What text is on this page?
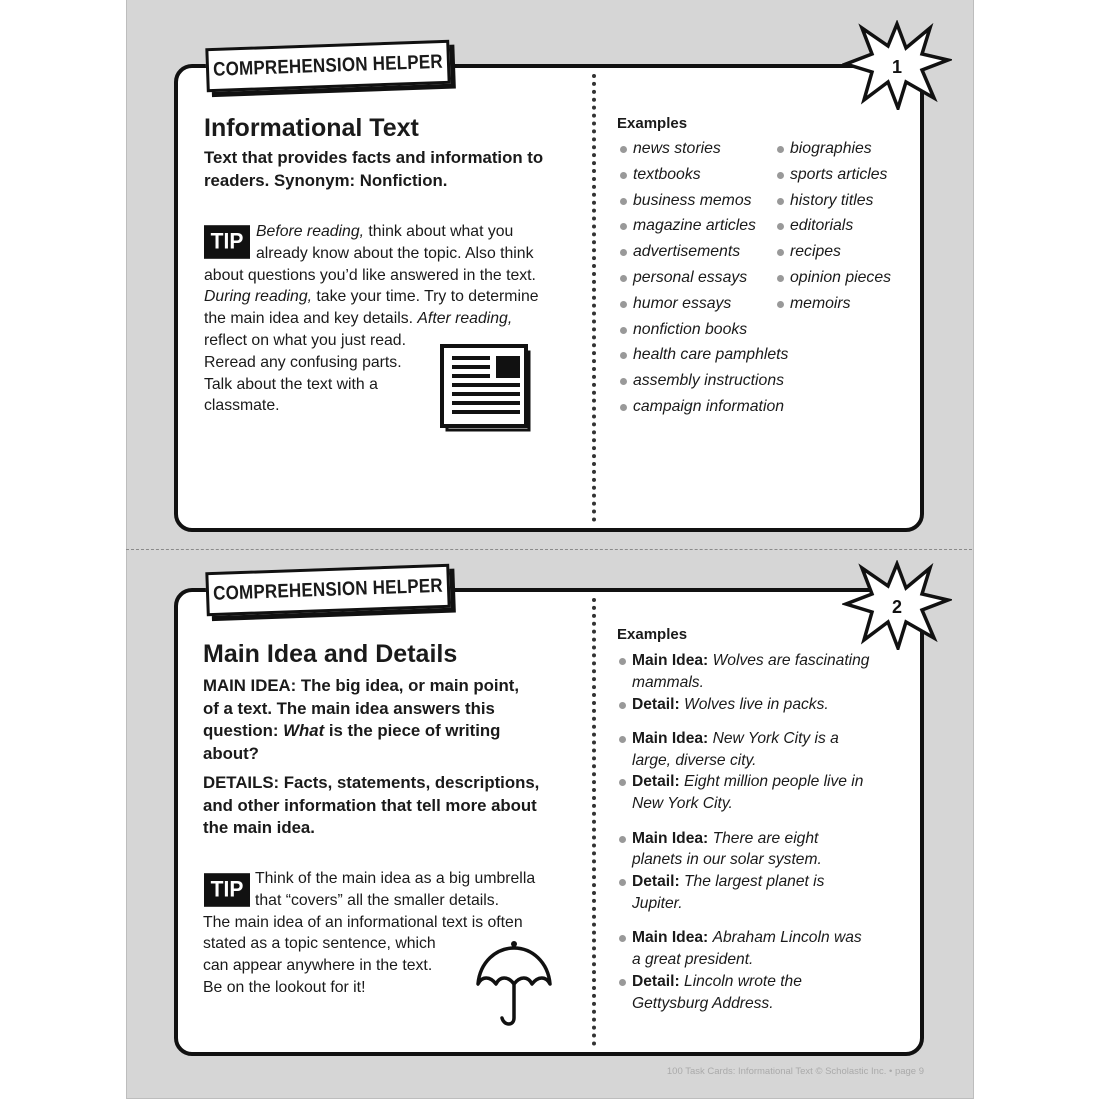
COMPREHENSION HELPER	1
Informational Text
Text that provides facts and information to readers. Synonym: Nonfiction.
TIP Before reading, think about what you
already know about the topic. Also think
about questions you’d like answered in the text.
During reading, take your time. Try to determine
the main idea and key details. After reading,
reflect on what you just read.
Reread any confusing parts.
Talk about the text with a
classmate.
Examples
news stories
textbooks
business memos
magazine articles
advertisements
personal essays
humor essays
nonfiction books
health care pamphlets
assembly instructions
campaign information
biographies
sports articles
history titles
editorials
recipes
opinion pieces
memoirs
COMPREHENSION HELPER
2
Main Idea and Details
MAIN IDEA: The big idea, or main point,
of a text. The main idea answers this
question: What is the piece of writing
about?
DETAILS: Facts, statements, descriptions,
and other information that tell more about
the main idea.
TIP Think of the main idea as a big umbrella
that “covers” all the smaller details.
The main idea of an informational text is often
stated as a topic sentence, which
can appear anywhere in the text.
Be on the lookout for it!
Examples
Main Idea: Wolves are fascinating
mammals.
Detail: Wolves live in packs.
Main Idea: New York City is a
large, diverse city.
Detail: Eight million people live in
New York City.
Main Idea: There are eight
planets in our solar system.
Detail: The largest planet is
Jupiter.
Main Idea: Abraham Lincoln was
a great president.
Detail: Lincoln wrote the
Gettysburg Address.
100 Task Cards: Informational Text © Scholastic Inc. • page 9
